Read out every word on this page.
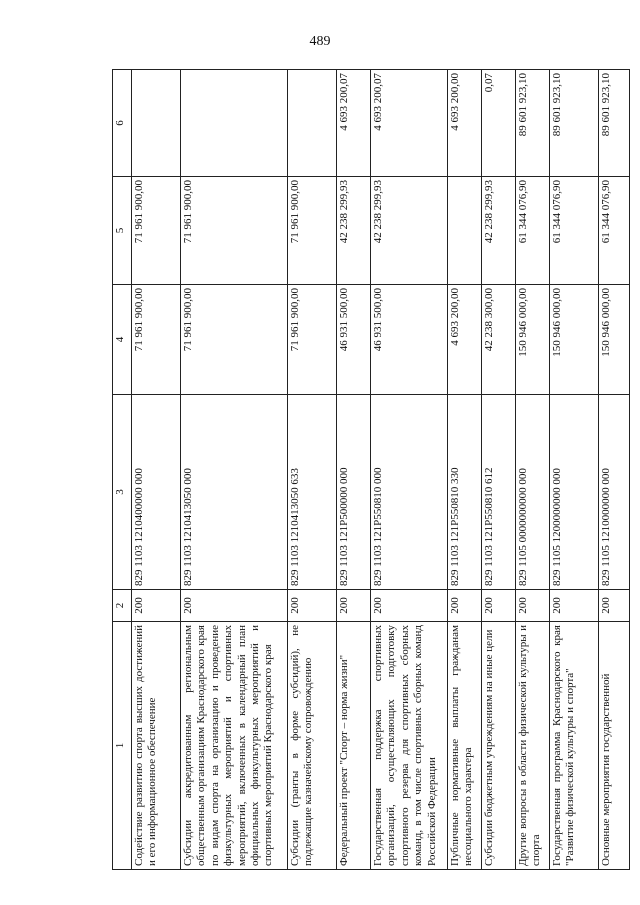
489
1	2	3	4	5	6
Содействие развитию спорта высших достижений и его информационное обеспечение	200	829 1103 1210400000 000	71 961 900,00	71 961 900,00	
Субсидии аккредитованным региональным общественным организациям Краснодарского края по видам спорта на организацию и проведение физкультурных мероприятий и спортивных мероприятий, включенных в календарный план официальных физкультурных мероприятий и спортивных мероприятий Краснодарского края	200	829 1103 1210413050 000	71 961 900,00	71 961 900,00	
Субсидии (гранты в форме субсидий), не подлежащие казначейскому сопровождению	200	829 1103 1210413050 633	71 961 900,00	71 961 900,00	
Федеральный проект "Спорт – норма жизни"	200	829 1103 121Р500000 000	46 931 500,00	42 238 299,93	4 693 200,07
Государственная поддержка спортивных организаций, осуществляющих подготовку спортивного резерва для спортивных сборных команд, в том числе спортивных сборных команд Российской Федерации	200	829 1103 121Р550810 000	46 931 500,00	42 238 299,93	4 693 200,07
Публичные нормативные выплаты гражданам несоциального характера	200	829 1103 121Р550810 330	4 693 200,00		4 693 200,00
Субсидии бюджетным учреждениям на иные цели	200	829 1103 121Р550810 612	42 238 300,00	42 238 299,93	0,07
Другие вопросы в области физической культуры и спорта	200	829 1105 0000000000 000	150 946 000,00	61 344 076,90	89 601 923,10
Государственная программа Краснодарского края "Развитие физической культуры и спорта"	200	829 1105 1200000000 000	150 946 000,00	61 344 076,90	89 601 923,10
Основные мероприятия государственной	200	829 1105 1210000000 000	150 946 000,00	61 344 076,90	89 601 923,10
